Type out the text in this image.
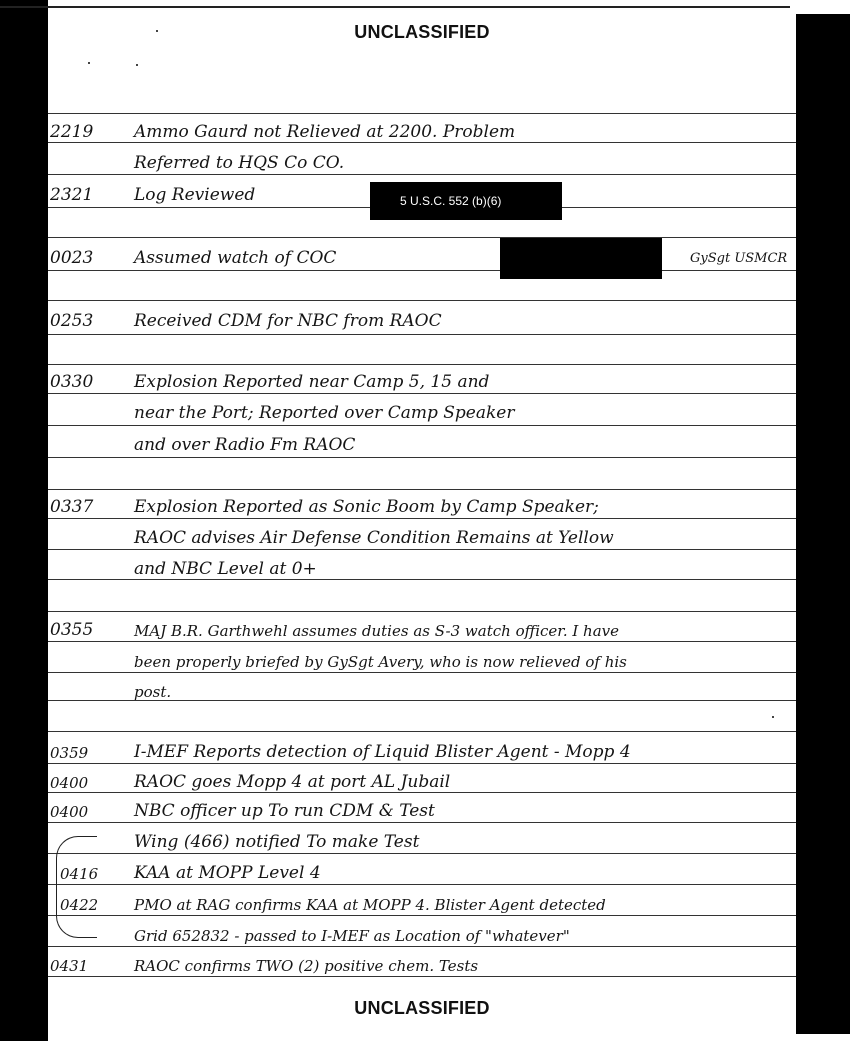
UNCLASSIFIED
2219 Ammo Gaurd not Relieved at 2200. Problem
Referred to HQS Co CO.
2321 Log Reviewed	5 U.S.C. 552 (b)(6)
0023 Assumed watch of COC	GySgt USMCR
0253 Received CDM for NBC from RAOC
0330 Explosion Reported near Camp 5, 15 and
near the Port; Reported over Camp Speaker
and over Radio Fm RAOC
0337 Explosion Reported as Sonic Boom by Camp Speaker;
RAOC advises Air Defense Condition Remains at Yellow
and NBC Level at 0+
0355	MAJ B.R. Garthwehl assumes duties as S-3 watch officer. I have
been properly briefed by GySgt Avery, who is now relieved of his
post.
0359	I-MEF Reports detection of Liquid Blister Agent - Mopp 4
0400	RAOC goes Mopp 4 at port AL Jubail
0400	NBC officer up To run CDM & Test
Wing (466) notified To make Test
0416 KAA at MOPP Level 4
0422 PMO at RAG confirms KAA at MOPP 4. Blister Agent detected
Grid 652832 - passed to I-MEF as Location of "whatever"
0431	RAOC confirms TWO (2) positive chem. Tests
UNCLASSIFIED
